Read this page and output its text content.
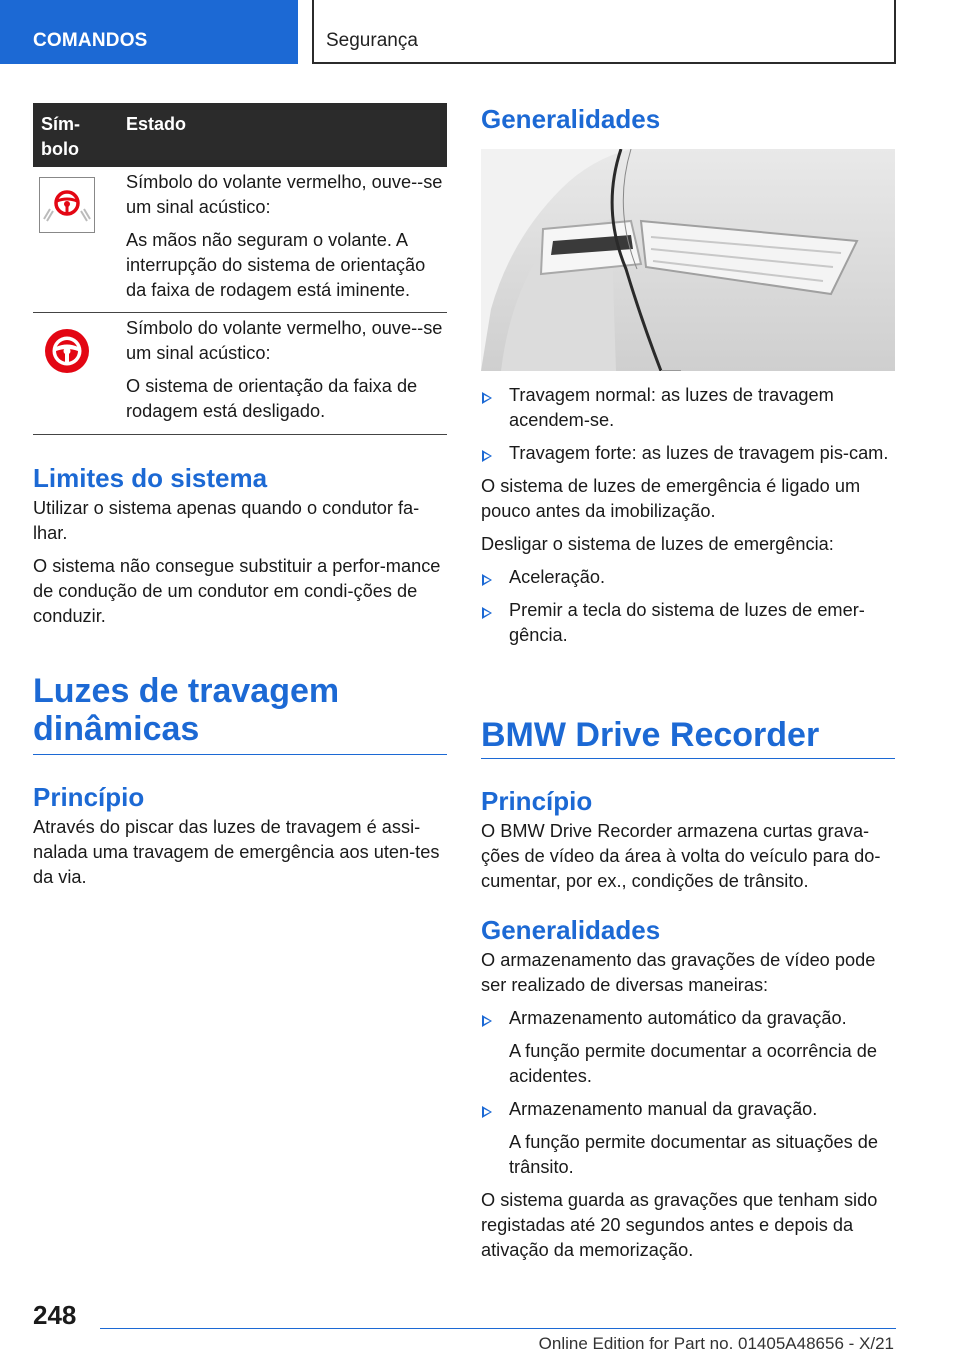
COMANDOS	Segurança
Sím-bolo
Estado

Símbolo do volante vermelho, ouve--se um sinal acústico:

As mãos não seguram o volante. A interrupção do sistema de orientação da faixa de rodagem está iminente.

Símbolo do volante vermelho, ouve--se um sinal acústico:

O sistema de orientação da faixa de rodagem está desligado.

Limites do sistema

Utilizar o sistema apenas quando o condutor fa-lhar.

O sistema não consegue substituir a perfor-mance de condução de um condutor em condi-ções de conduzir.

Luzes de travagem dinâmicas
Princípio

Através do piscar das luzes de travagem é assi-nalada uma travagem de emergência aos uten-tes da via.

Generalidades

Travagem normal: as luzes de travagem acendem-se.

Travagem forte: as luzes de travagem pis-cam.

O sistema de luzes de emergência é ligado um pouco antes da imobilização.

Desligar o sistema de luzes de emergência:

Aceleração.

Premir a tecla do sistema de luzes de emer-gência.

BMW Drive Recorder
Princípio

O BMW Drive Recorder armazena curtas grava-ções de vídeo da área à volta do veículo para do-cumentar, por ex., condições de trânsito.

Generalidades

O armazenamento das gravações de vídeo pode ser realizado de diversas maneiras:

Armazenamento automático da gravação.

A função permite documentar a ocorrência de acidentes.

Armazenamento manual da gravação.

A função permite documentar as situações de trânsito.

O sistema guarda as gravações que tenham sido registadas até 20 segundos antes e depois da ativação da memorização.

248
Online Edition for Part no. 01405A48656 - X/21
